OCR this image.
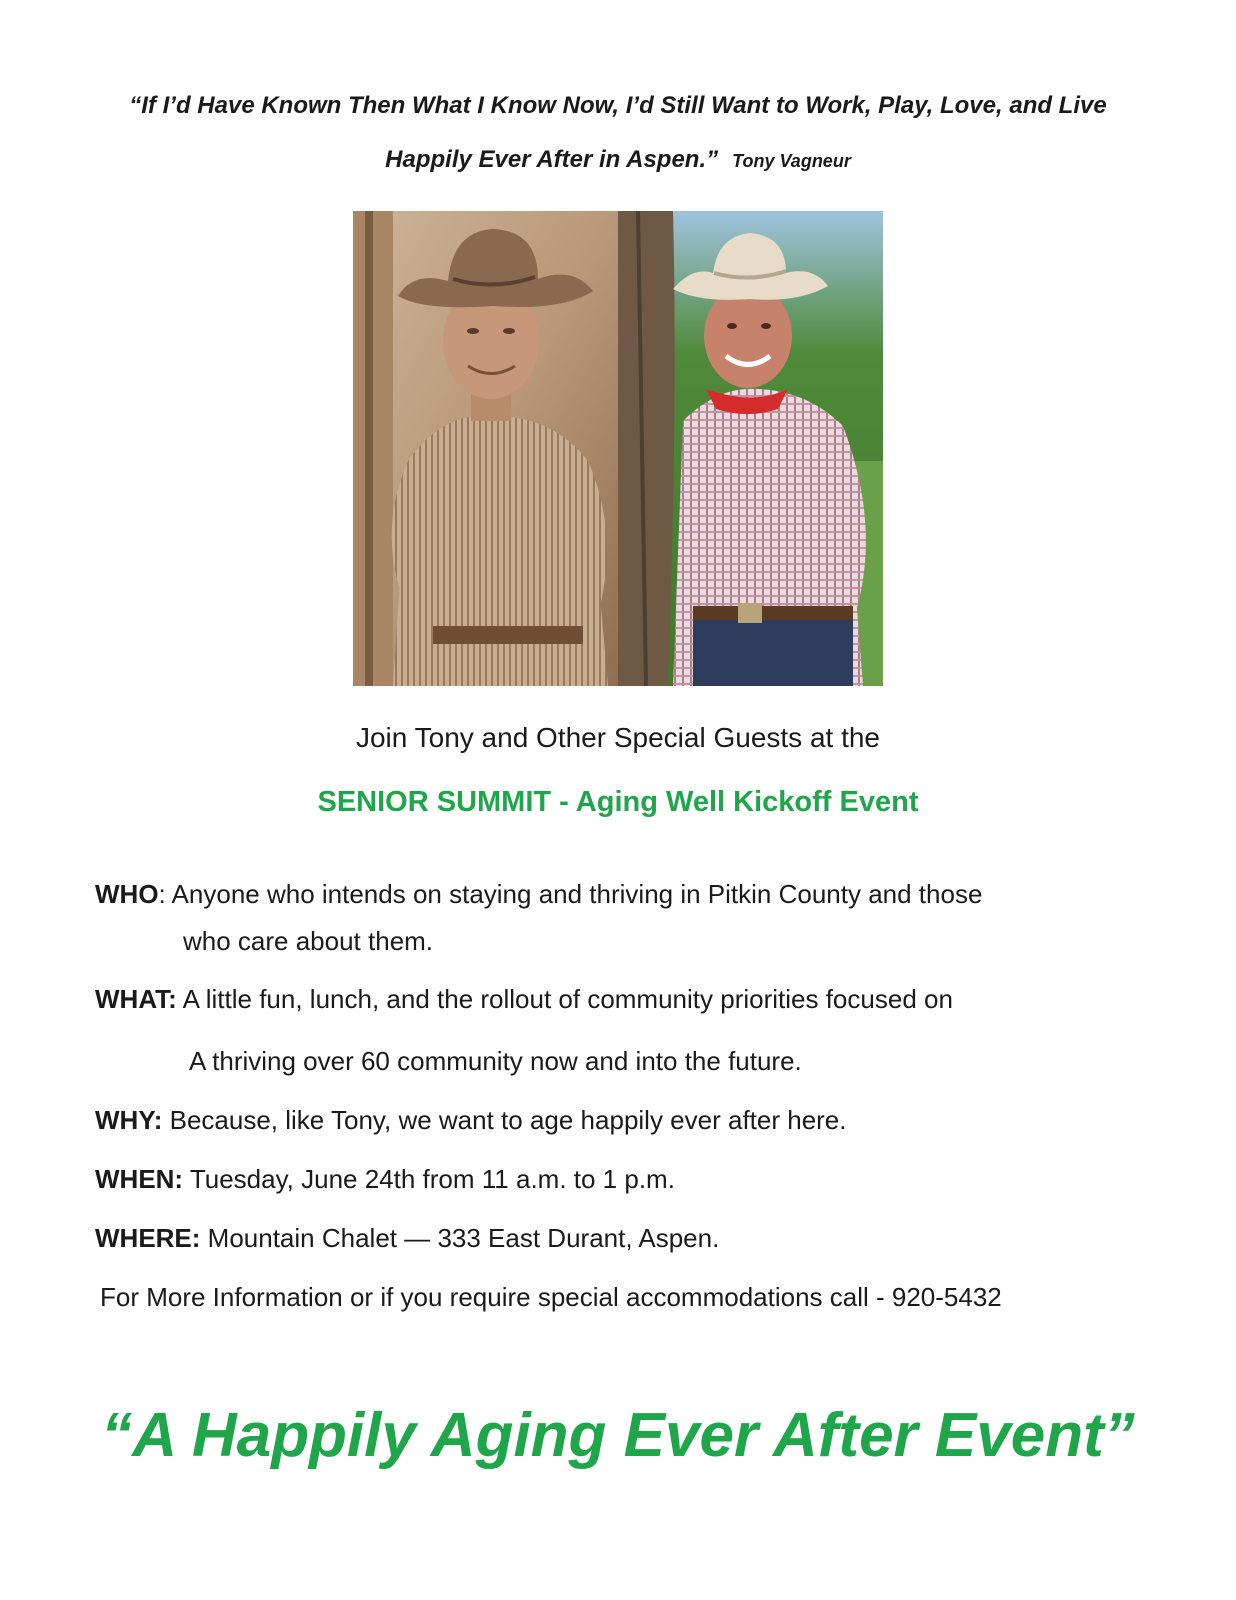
“If I’d Have Known Then What I Know Now, I’d Still Want to Work, Play, Love, and Live
Happily Ever After in Aspen.” Tony Vagneur
Join Tony and Other Special Guests at the
SENIOR SUMMIT - Aging Well Kickoff Event
WHO: Anyone who intends on staying and thriving in Pitkin County and those
who care about them.
WHAT: A little fun, lunch, and the rollout of community priorities focused on
A thriving over 60 community now and into the future.
WHY: Because, like Tony, we want to age happily ever after here.
WHEN: Tuesday, June 24th from 11 a.m. to 1 p.m.
WHERE: Mountain Chalet — 333 East Durant, Aspen.
For More Information or if you require special accommodations call - 920-5432
“A Happily Aging Ever After Event”
